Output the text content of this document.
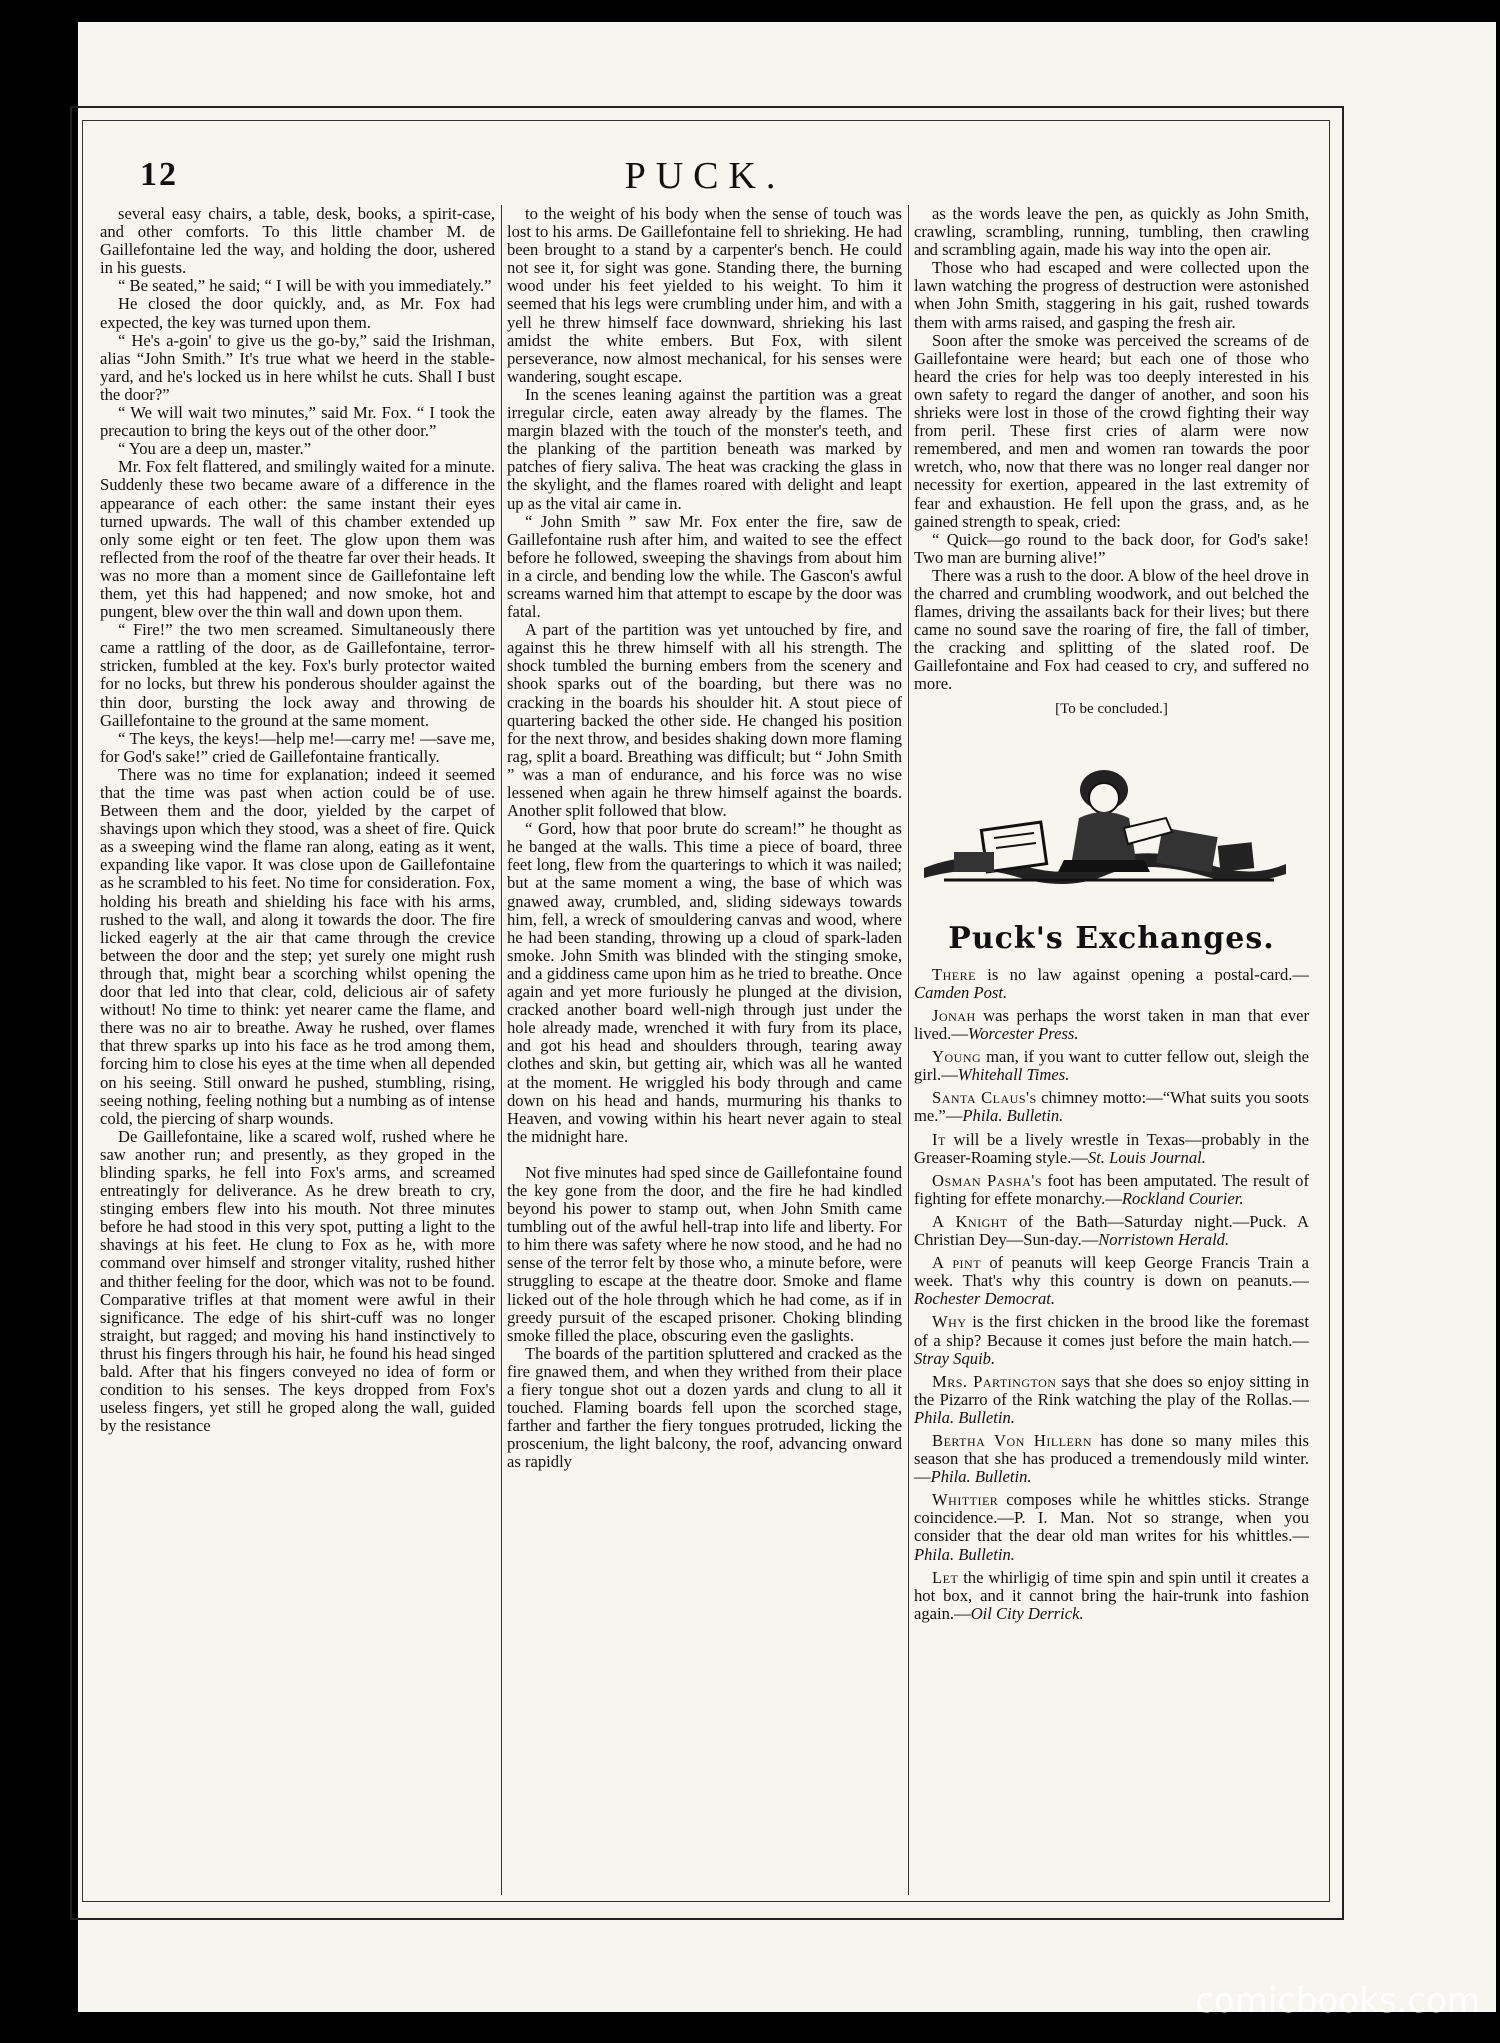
12	PUCK.

several easy chairs, a table, desk, books, a spirit-case, and other comforts. To this little chamber M. de Gaillefontaine led the way, and holding the door, ushered in his guests.

“ Be seated,” he said; “ I will be with you immediately.”

He closed the door quickly, and, as Mr. Fox had expected, the key was turned upon them.

“ He's a-goin' to give us the go-by,” said the Irishman, alias “John Smith.” It's true what we heerd in the stable-yard, and he's locked us in here whilst he cuts. Shall I bust the door?”

“ We will wait two minutes,” said Mr. Fox. “ I took the precaution to bring the keys out of the other door.”

“ You are a deep un, master.”

Mr. Fox felt flattered, and smilingly waited for a minute. Suddenly these two became aware of a difference in the appearance of each other: the same instant their eyes turned upwards. The wall of this chamber extended up only some eight or ten feet. The glow upon them was reflected from the roof of the theatre far over their heads. It was no more than a moment since de Gaillefontaine left them, yet this had happened; and now smoke, hot and pungent, blew over the thin wall and down upon them.

“ Fire!” the two men screamed. Simultaneously there came a rattling of the door, as de Gaillefontaine, terror-stricken, fumbled at the key. Fox's burly protector waited for no locks, but threw his ponderous shoulder against the thin door, bursting the lock away and throwing de Gaillefontaine to the ground at the same moment.

“ The keys, the keys!—help me!—carry me! —save me, for God's sake!” cried de Gaillefontaine frantically.

There was no time for explanation; indeed it seemed that the time was past when action could be of use. Between them and the door, yielded by the carpet of shavings upon which they stood, was a sheet of fire. Quick as a sweeping wind the flame ran along, eating as it went, expanding like vapor. It was close upon de Gaillefontaine as he scrambled to his feet. No time for consideration. Fox, holding his breath and shielding his face with his arms, rushed to the wall, and along it towards the door. The fire licked eagerly at the air that came through the crevice between the door and the step; yet surely one might rush through that, might bear a scorching whilst opening the door that led into that clear, cold, delicious air of safety without! No time to think: yet nearer came the flame, and there was no air to breathe. Away he rushed, over flames that threw sparks up into his face as he trod among them, forcing him to close his eyes at the time when all depended on his seeing. Still onward he pushed, stumbling, rising, seeing nothing, feeling nothing but a numbing as of intense cold, the piercing of sharp wounds.

De Gaillefontaine, like a scared wolf, rushed where he saw another run; and presently, as they groped in the blinding sparks, he fell into Fox's arms, and screamed entreatingly for deliverance. As he drew breath to cry, stinging embers flew into his mouth. Not three minutes before he had stood in this very spot, putting a light to the shavings at his feet. He clung to Fox as he, with more command over himself and stronger vitality, rushed hither and thither feeling for the door, which was not to be found. Comparative trifles at that moment were awful in their significance. The edge of his shirt-cuff was no longer straight, but ragged; and moving his hand instinctively to thrust his fingers through his hair, he found his head singed bald. After that his fingers conveyed no idea of form or condition to his senses. The keys dropped from Fox's useless fingers, yet still he groped along the wall, guided by the resistance

to the weight of his body when the sense of touch was lost to his arms. De Gaillefontaine fell to shrieking. He had been brought to a stand by a carpenter's bench. He could not see it, for sight was gone. Standing there, the burning wood under his feet yielded to his weight. To him it seemed that his legs were crumbling under him, and with a yell he threw himself face downward, shrieking his last amidst the white embers. But Fox, with silent perseverance, now almost mechanical, for his senses were wandering, sought escape.

In the scenes leaning against the partition was a great irregular circle, eaten away already by the flames. The margin blazed with the touch of the monster's teeth, and the planking of the partition beneath was marked by patches of fiery saliva. The heat was cracking the glass in the skylight, and the flames roared with delight and leapt up as the vital air came in.

“ John Smith ” saw Mr. Fox enter the fire, saw de Gaillefontaine rush after him, and waited to see the effect before he followed, sweeping the shavings from about him in a circle, and bending low the while. The Gascon's awful screams warned him that attempt to escape by the door was fatal.

A part of the partition was yet untouched by fire, and against this he threw himself with all his strength. The shock tumbled the burning embers from the scenery and shook sparks out of the boarding, but there was no cracking in the boards his shoulder hit. A stout piece of quartering backed the other side. He changed his position for the next throw, and besides shaking down more flaming rag, split a board. Breathing was difficult; but “ John Smith ” was a man of endurance, and his force was no wise lessened when again he threw himself against the boards. Another split followed that blow.

“ Gord, how that poor brute do scream!” he thought as he banged at the walls. This time a piece of board, three feet long, flew from the quarterings to which it was nailed; but at the same moment a wing, the base of which was gnawed away, crumbled, and, sliding sideways towards him, fell, a wreck of smouldering canvas and wood, where he had been standing, throwing up a cloud of spark-laden smoke. John Smith was blinded with the stinging smoke, and a giddiness came upon him as he tried to breathe. Once again and yet more furiously he plunged at the division, cracked another board well-nigh through just under the hole already made, wrenched it with fury from its place, and got his head and shoulders through, tearing away clothes and skin, but getting air, which was all he wanted at the moment. He wriggled his body through and came down on his head and hands, murmuring his thanks to Heaven, and vowing within his heart never again to steal the midnight hare.

Not five minutes had sped since de Gaillefontaine found the key gone from the door, and the fire he had kindled beyond his power to stamp out, when John Smith came tumbling out of the awful hell-trap into life and liberty. For to him there was safety where he now stood, and he had no sense of the terror felt by those who, a minute before, were struggling to escape at the theatre door. Smoke and flame licked out of the hole through which he had come, as if in greedy pursuit of the escaped prisoner. Choking blinding smoke filled the place, obscuring even the gaslights.

The boards of the partition spluttered and cracked as the fire gnawed them, and when they writhed from their place a fiery tongue shot out a dozen yards and clung to all it touched. Flaming boards fell upon the scorched stage, farther and farther the fiery tongues protruded, licking the proscenium, the light balcony, the roof, advancing onward as rapidly

as the words leave the pen, as quickly as John Smith, crawling, scrambling, running, tumbling, then crawling and scrambling again, made his way into the open air.

Those who had escaped and were collected upon the lawn watching the progress of destruction were astonished when John Smith, staggering in his gait, rushed towards them with arms raised, and gasping the fresh air.

Soon after the smoke was perceived the screams of de Gaillefontaine were heard; but each one of those who heard the cries for help was too deeply interested in his own safety to regard the danger of another, and soon his shrieks were lost in those of the crowd fighting their way from peril. These first cries of alarm were now remembered, and men and women ran towards the poor wretch, who, now that there was no longer real danger nor necessity for exertion, appeared in the last extremity of fear and exhaustion. He fell upon the grass, and, as he gained strength to speak, cried:

“ Quick—go round to the back door, for God's sake! Two man are burning alive!”

There was a rush to the door. A blow of the heel drove in the charred and crumbling woodwork, and out belched the flames, driving the assailants back for their lives; but there came no sound save the roaring of fire, the fall of timber, the cracking and splitting of the slated roof. De Gaillefontaine and Fox had ceased to cry, and suffered no more.

[To be concluded.]
Puck's Exchanges.

There is no law against opening a postal-card.—Camden Post.

Jonah was perhaps the worst taken in man that ever lived.—Worcester Press.

Young man, if you want to cutter fellow out, sleigh the girl.—Whitehall Times.

Santa Claus's chimney motto:—“What suits you soots me.”—Phila. Bulletin.

It will be a lively wrestle in Texas—probably in the Greaser-Roaming style.—St. Louis Journal.

Osman Pasha's foot has been amputated. The result of fighting for effete monarchy.—Rockland Courier.

A Knight of the Bath—Saturday night.—Puck. A Christian Dey—Sun-day.—Norristown Herald.

A pint of peanuts will keep George Francis Train a week. That's why this country is down on peanuts.—Rochester Democrat.

Why is the first chicken in the brood like the foremast of a ship? Because it comes just before the main hatch.—Stray Squib.

Mrs. Partington says that she does so enjoy sitting in the Pizarro of the Rink watching the play of the Rollas.—Phila. Bulletin.

Bertha Von Hillern has done so many miles this season that she has produced a tremendously mild winter.—Phila. Bulletin.

Whittier composes while he whittles sticks. Strange coincidence.—P. I. Man. Not so strange, when you consider that the dear old man writes for his whittles.—Phila. Bulletin.

Let the whirligig of time spin and spin until it creates a hot box, and it cannot bring the hair-trunk into fashion again.—Oil City Derrick.

comicbooks.com
